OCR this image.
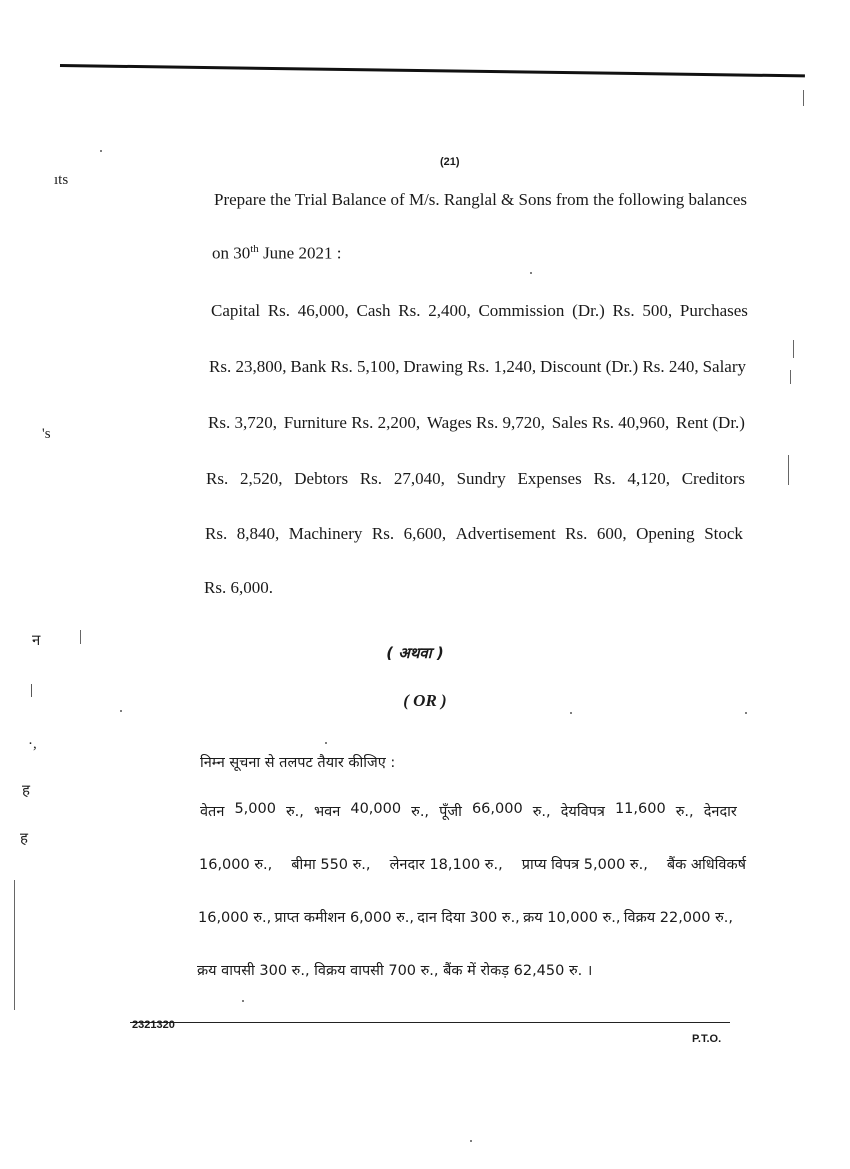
ıts
's
न
|
·,
ह
ह
(21)
Prepare the Trial Balance of M/s. Ranglal & Sons from the following balances
on 30th June 2021 :
Capital Rs. 46,000, Cash Rs. 2,400, Commission (Dr.) Rs. 500, Purchases
Rs. 23,800, Bank Rs. 5,100, Drawing Rs. 1,240, Discount (Dr.) Rs. 240, Salary
Rs. 3,720, Furniture Rs. 2,200, Wages Rs. 9,720, Sales Rs. 40,960, Rent (Dr.)
Rs. 2,520, Debtors Rs. 27,040, Sundry Expenses Rs. 4,120, Creditors
Rs. 8,840, Machinery Rs. 6,600, Advertisement Rs. 600, Opening Stock
Rs. 6,000.
( अथवा )
( OR )
निम्न सूचना से तलपट तैयार कीजिए :
वेतन 5,000 रु., भवन 40,000 रु., पूँजी 66,000 रु., देयविपत्र 11,600 रु., देनदार
16,000 रु., बीमा 550 रु., लेनदार 18,100 रु., प्राप्य विपत्र 5,000 रु., बैंक अधिविकर्ष
16,000 रु., प्राप्त कमीशन 6,000 रु., दान दिया 300 रु., क्रय 10,000 रु., विक्रय 22,000 रु.,
क्रय वापसी 300 रु., विक्रय वापसी 700 रु., बैंक में रोकड़ 62,450 रु. ।
2321320
P.T.O.
